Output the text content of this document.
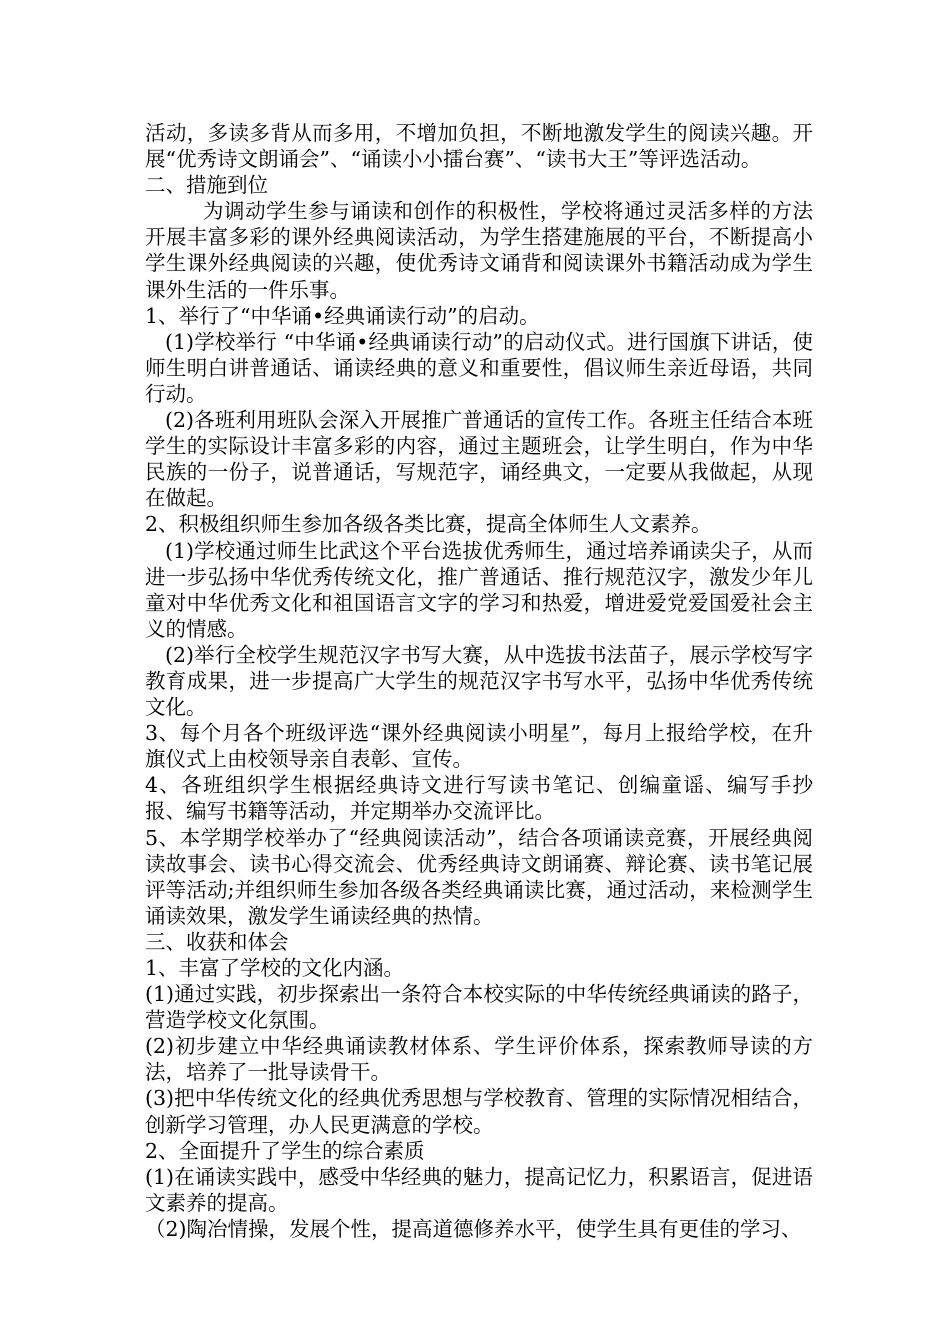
活动，多读多背从而多用，不增加负担，不断地激发学生的阅读兴趣。开展“优秀诗文朗诵会”、“诵读小小擂台赛”、“读书大王”等评选活动。

二、措施到位

为调动学生参与诵读和创作的积极性，学校将通过灵活多样的方法开展丰富多彩的课外经典阅读活动，为学生搭建施展的平台，不断提高小学生课外经典阅读的兴趣，使优秀诗文诵背和阅读课外书籍活动成为学生课外生活的一件乐事。

1、举行了“中华诵•经典诵读行动”的启动。

(1)学校举行 “中华诵•经典诵读行动”的启动仪式。进行国旗下讲话，使师生明白讲普通话、诵读经典的意义和重要性，倡议师生亲近母语，共同行动。

(2)各班利用班队会深入开展推广普通话的宣传工作。各班主任结合本班学生的实际设计丰富多彩的内容，通过主题班会，让学生明白，作为中华民族的一份子，说普通话，写规范字，诵经典文，一定要从我做起，从现在做起。

2、积极组织师生参加各级各类比赛，提高全体师生人文素养。

(1)学校通过师生比武这个平台选拔优秀师生，通过培养诵读尖子，从而进一步弘扬中华优秀传统文化，推广普通话、推行规范汉字，激发少年儿童对中华优秀文化和祖国语言文字的学习和热爱，增进爱党爱国爱社会主义的情感。

(2)举行全校学生规范汉字书写大赛，从中选拔书法苗子，展示学校写字教育成果，进一步提高广大学生的规范汉字书写水平，弘扬中华优秀传统文化。

3、每个月各个班级评选“课外经典阅读小明星”，每月上报给学校，在升旗仪式上由校领导亲自表彰、宣传。

4、各班组织学生根据经典诗文进行写读书笔记、创编童谣、编写手抄报、编写书籍等活动，并定期举办交流评比。

5、本学期学校举办了“经典阅读活动”，结合各项诵读竞赛，开展经典阅读故事会、读书心得交流会、优秀经典诗文朗诵赛、辩论赛、读书笔记展评等活动;并组织师生参加各级各类经典诵读比赛，通过活动，来检测学生诵读效果，激发学生诵读经典的热情。

三、收获和体会

1、丰富了学校的文化内涵。

(1)通过实践，初步探索出一条符合本校实际的中华传统经典诵读的路子，营造学校文化氛围。

(2)初步建立中华经典诵读教材体系、学生评价体系，探索教师导读的方法，培养了一批导读骨干。

(3)把中华传统文化的经典优秀思想与学校教育、管理的实际情况相结合，创新学习管理，办人民更满意的学校。

2、全面提升了学生的综合素质

(1)在诵读实践中，感受中华经典的魅力，提高记忆力，积累语言，促进语文素养的提高。

（2)陶冶情操，发展个性，提高道德修养水平，使学生具有更佳的学习、
